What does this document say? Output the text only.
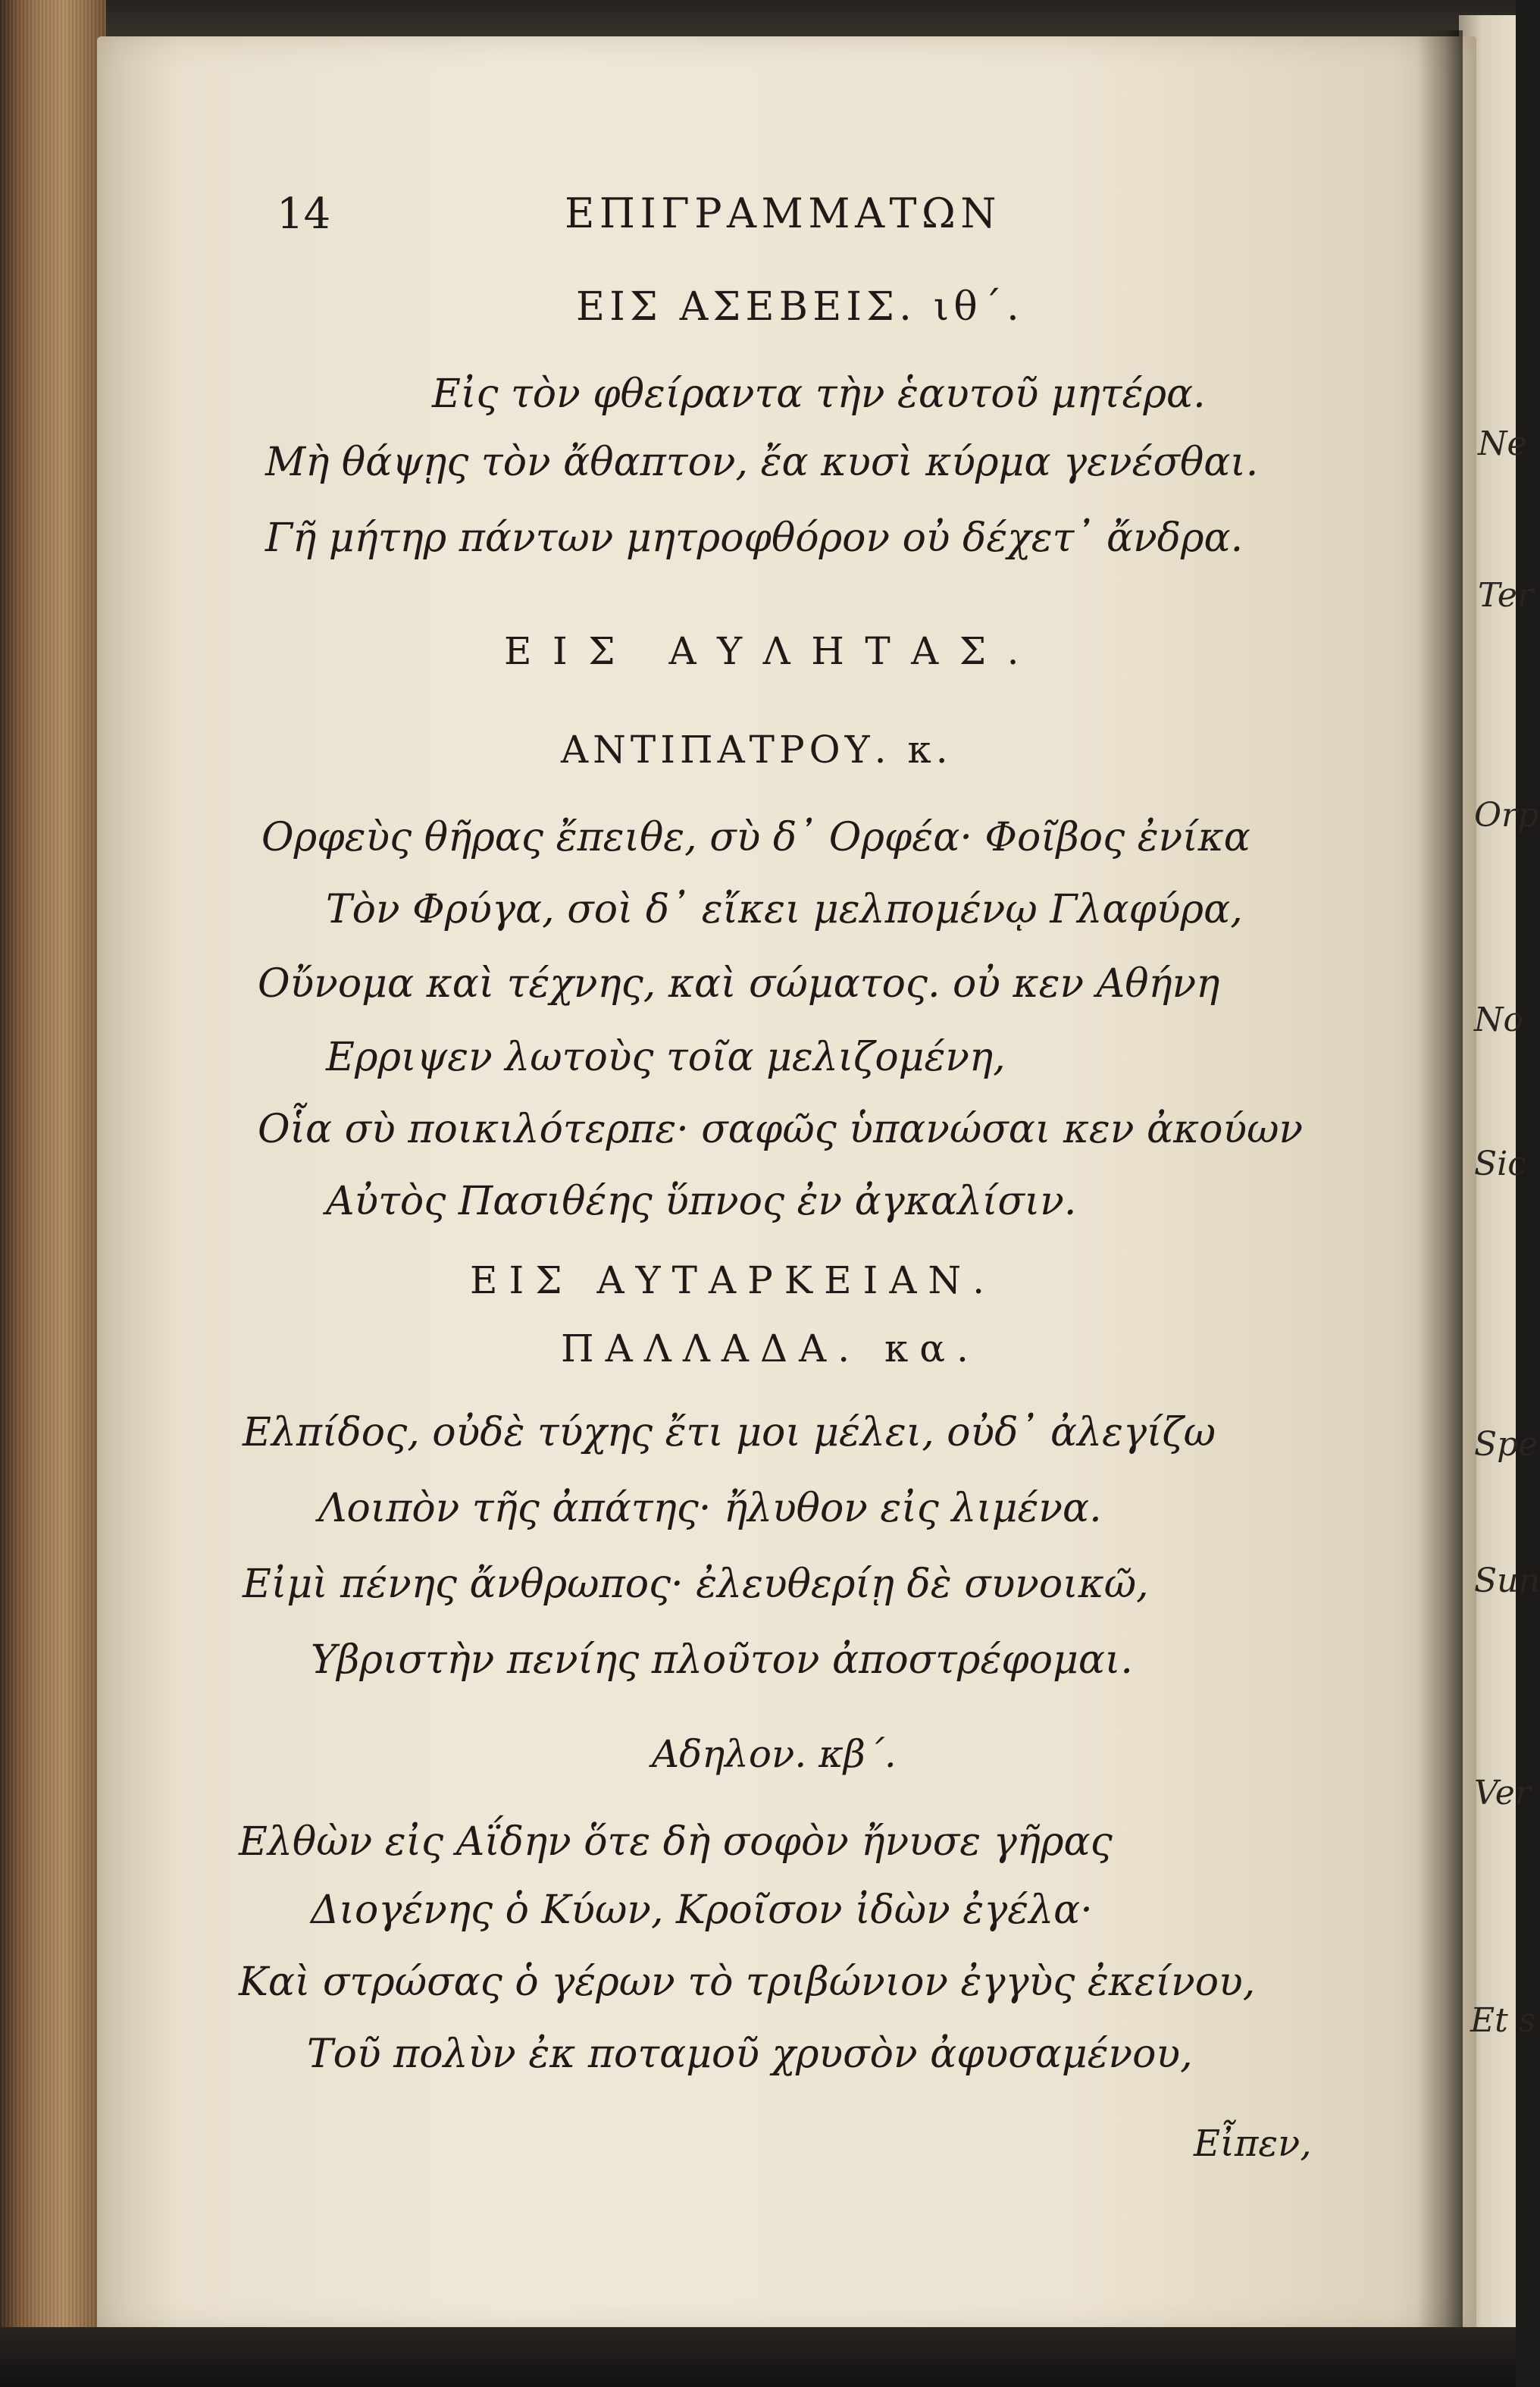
14	ΕΠΙΓΡΑΜΜΑΤΩΝ
ΕΙΣ ΑΣΕΒΕΙΣ. ιθ΄.
Εἰς τὸν φθείραντα τὴν ἑαυτοῦ μητέρα.
Μὴ θάψῃς τὸν ἄθαπτον, ἔα κυσὶ κύρμα γενέσθαι.
Γῆ μήτηρ πάντων μητροφθόρον οὐ δέχετ᾽ ἄνδρα.
ΕΙΣ ΑΥΛΗΤΑΣ.
ΑΝΤΙΠΑΤΡΟΥ. κ.
Ορφεὺς θῆρας ἔπειθε, σὺ δ᾽ Ορφέα· Φοῖβος ἐνίκα
Τὸν Φρύγα, σοὶ δ᾽ εἴκει μελπομένῳ Γλαφύρα,
Οὔνομα καὶ τέχνης, καὶ σώματος. οὐ κεν Αθήνη
Ερριψεν λωτοὺς τοῖα μελιζομένη,
Οἷα σὺ ποικιλότερπε· σαφῶς ὑπανώσαι κεν ἀκούων
Αὐτὸς Πασιθέης ὕπνος ἐν ἀγκαλίσιν.
ΕΙΣ ΑΥΤΑΡΚΕΙΑΝ.
ΠΑΛΛΑΔΑ. κα.
Ελπίδος, οὐδὲ τύχης ἔτι μοι μέλει, οὐδ᾽ ἀλεγίζω
Λοιπὸν τῆς ἀπάτης· ἤλυθον εἰς λιμένα.
Εἰμὶ πένης ἄνθρωπος· ἐλευθερίῃ δὲ συνοικῶ,
Υβριστὴν πενίης πλοῦτον ἀποστρέφομαι.
Αδηλον. κβ΄.
Ελθὼν εἰς Αΐδην ὅτε δὴ σοφὸν ἤνυσε γῆρας
Διογένης ὁ Κύων, Κροῖσον ἰδὼν ἐγέλα·
Καὶ στρώσας ὁ γέρων τὸ τριβώνιον ἐγγὺς ἐκείνου,
Τοῦ πολὺν ἐκ ποταμοῦ χρυσὸν ἀφυσαμένου,
Εἶπεν,
Ne
Ter
Orp
No
Sic
Spe
Sun
Ver
Et s
